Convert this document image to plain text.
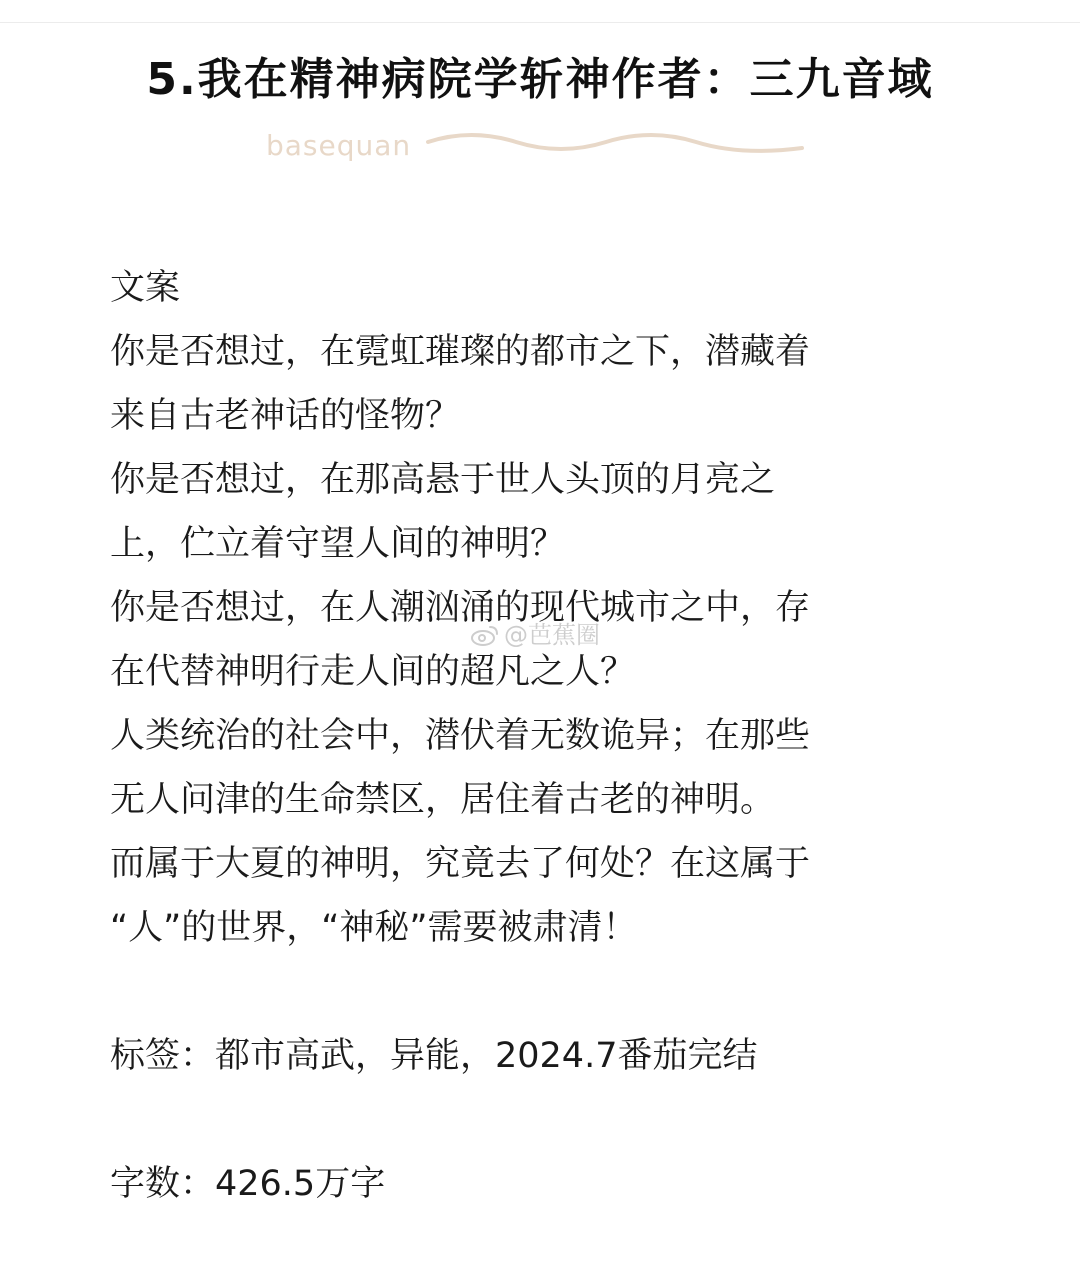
5.我在精神病院学斩神作者：三九音域
basequan
文案
你是否想过，在霓虹璀璨的都市之下，潜藏着
来自古老神话的怪物？
你是否想过，在那高悬于世人头顶的月亮之
上，伫立着守望人间的神明？
你是否想过，在人潮汹涌的现代城市之中，存
在代替神明行走人间的超凡之人？
人类统治的社会中，潜伏着无数诡异；在那些
无人问津的生命禁区，居住着古老的神明。
而属于大夏的神明，究竟去了何处？在这属于
“人”的世界，“神秘”需要被肃清！
标签：都市高武，异能，2024.7番茄完结
字数：426.5万字
@芭蕉圈
